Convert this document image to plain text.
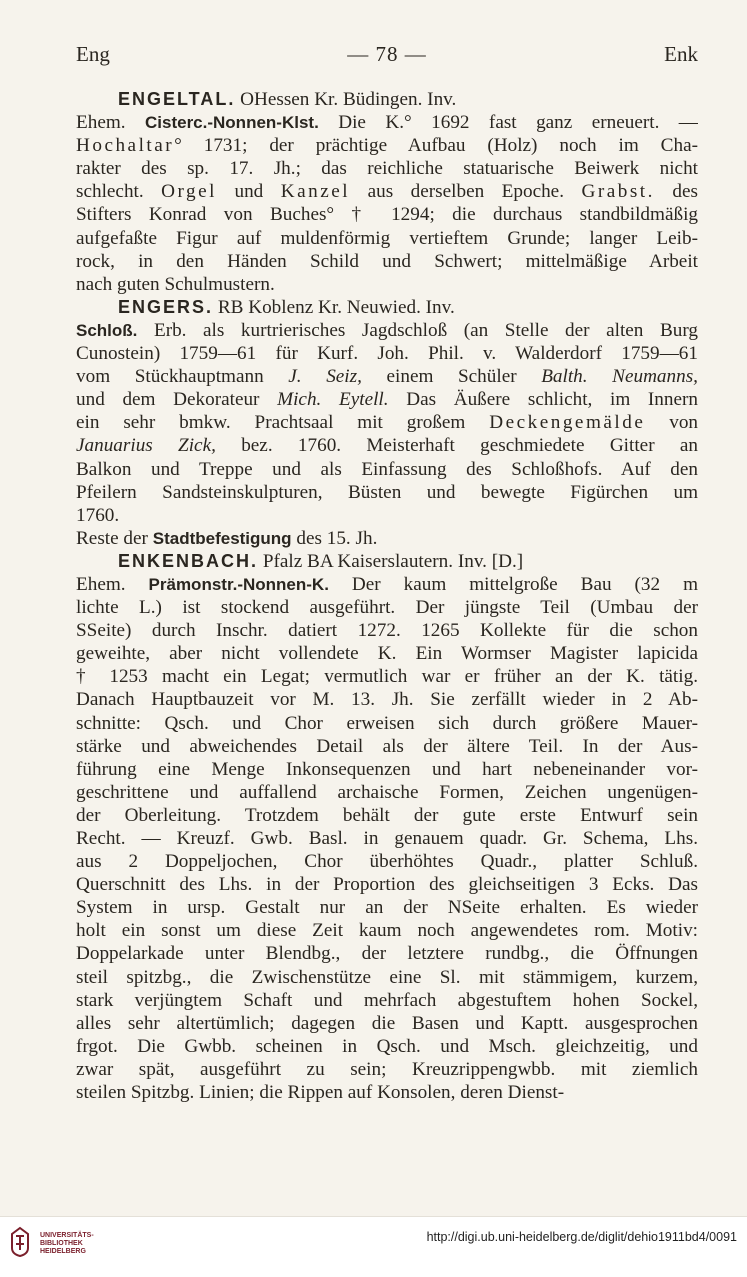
Eng	— 78 —	Enk
ENGELTAL. OHessen Kr. Büdingen. Inv.
Ehem. Cisterc.-Nonnen-Klst. Die K.° 1692 fast ganz erneuert. —
Hochaltar° 1731; der prächtige Aufbau (Holz) noch im Cha-
rakter des sp. 17. Jh.; das reichliche statuarische Beiwerk nicht
schlecht. Orgel und Kanzel aus derselben Epoche. Grabst. des
Stifters Konrad von Buches° † 1294; die durchaus standbildmäßig
aufgefaßte Figur auf muldenförmig vertieftem Grunde; langer Leib-
rock, in den Händen Schild und Schwert; mittelmäßige Arbeit
nach guten Schulmustern.
ENGERS. RB Koblenz Kr. Neuwied. Inv.
Schloß. Erb. als kurtrierisches Jagdschloß (an Stelle der alten Burg
Cunostein) 1759—61 für Kurf. Joh. Phil. v. Walderdorf 1759—61
vom Stückhauptmann J. Seiz, einem Schüler Balth. Neumanns,
und dem Dekorateur Mich. Eytell. Das Äußere schlicht, im Innern
ein sehr bmkw. Prachtsaal mit großem Deckengemälde von
Januarius Zick, bez. 1760. Meisterhaft geschmiedete Gitter an
Balkon und Treppe und als Einfassung des Schloßhofs. Auf den
Pfeilern Sandsteinskulpturen, Büsten und bewegte Figürchen um
1760.
Reste der Stadtbefestigung des 15. Jh.
ENKENBACH. Pfalz BA Kaiserslautern. Inv. [D.]
Ehem. Prämonstr.-Nonnen-K. Der kaum mittelgroße Bau (32 m
lichte L.) ist stockend ausgeführt. Der jüngste Teil (Umbau der
SSeite) durch Inschr. datiert 1272. 1265 Kollekte für die schon
geweihte, aber nicht vollendete K. Ein Wormser Magister lapicida
† 1253 macht ein Legat; vermutlich war er früher an der K. tätig.
Danach Hauptbauzeit vor M. 13. Jh. Sie zerfällt wieder in 2 Ab-
schnitte: Qsch. und Chor erweisen sich durch größere Mauer-
stärke und abweichendes Detail als der ältere Teil. In der Aus-
führung eine Menge Inkonsequenzen und hart nebeneinander vor-
geschrittene und auffallend archaische Formen, Zeichen ungenügen-
der Oberleitung. Trotzdem behält der gute erste Entwurf sein
Recht. — Kreuzf. Gwb. Basl. in genauem quadr. Gr. Schema, Lhs.
aus 2 Doppeljochen, Chor überhöhtes Quadr., platter Schluß.
Querschnitt des Lhs. in der Proportion des gleichseitigen 3 Ecks. Das
System in ursp. Gestalt nur an der NSeite erhalten. Es wieder
holt ein sonst um diese Zeit kaum noch angewendetes rom. Motiv:
Doppelarkade unter Blendbg., der letztere rundbg., die Öffnungen
steil spitzbg., die Zwischenstütze eine Sl. mit stämmigem, kurzem,
stark verjüngtem Schaft und mehrfach abgestuftem hohen Sockel,
alles sehr altertümlich; dagegen die Basen und Kaptt. ausgesprochen
frgot. Die Gwbb. scheinen in Qsch. und Msch. gleichzeitig, und
zwar spät, ausgeführt zu sein; Kreuzrippengwbb. mit ziemlich
steilen Spitzbg. Linien; die Rippen auf Konsolen, deren Dienst-
UNIVERSITÄTS-
BIBLIOTHEK
HEIDELBERG
http://digi.ub.uni-heidelberg.de/diglit/dehio1911bd4/0091
